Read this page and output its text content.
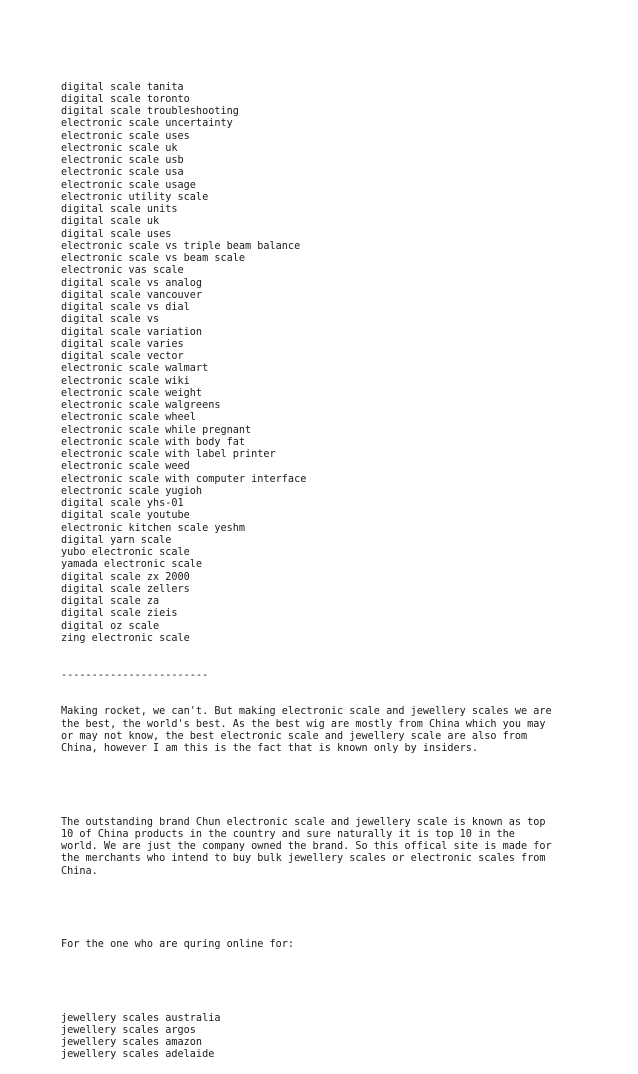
digital scale tanita
digital scale toronto
digital scale troubleshooting
electronic scale uncertainty
electronic scale uses
electronic scale uk
electronic scale usb
electronic scale usa
electronic scale usage
electronic utility scale
digital scale units
digital scale uk
digital scale uses
electronic scale vs triple beam balance
electronic scale vs beam scale
electronic vas scale
digital scale vs analog
digital scale vancouver
digital scale vs dial
digital scale vs
digital scale variation
digital scale varies
digital scale vector
electronic scale walmart
electronic scale wiki
electronic scale weight
electronic scale walgreens
electronic scale wheel
electronic scale while pregnant
electronic scale with body fat
electronic scale with label printer
electronic scale weed
electronic scale with computer interface
electronic scale yugioh
digital scale yhs-01
digital scale youtube
electronic kitchen scale yeshm
digital yarn scale
yubo electronic scale
yamada electronic scale
digital scale zx 2000
digital scale zellers
digital scale za
digital scale zieis
digital oz scale
zing electronic scale

------------------------

Making rocket, we can't. But making electronic scale and jewellery scales we are
the best, the world's best. As the best wig are mostly from China which you may
or may not know, the best electronic scale and jewellery scale are also from
China, however I am this is the fact that is known only by insiders.

The outstanding brand Chun electronic scale and jewellery scale is known as top
10 of China products in the country and sure naturally it is top 10 in the
world. We are just the company owned the brand. So this offical site is made for
the merchants who intend to buy bulk jewellery scales or electronic scales from
China.

For the one who are quring online for:

jewellery scales australia
jewellery scales argos
jewellery scales amazon
jewellery scales adelaide
